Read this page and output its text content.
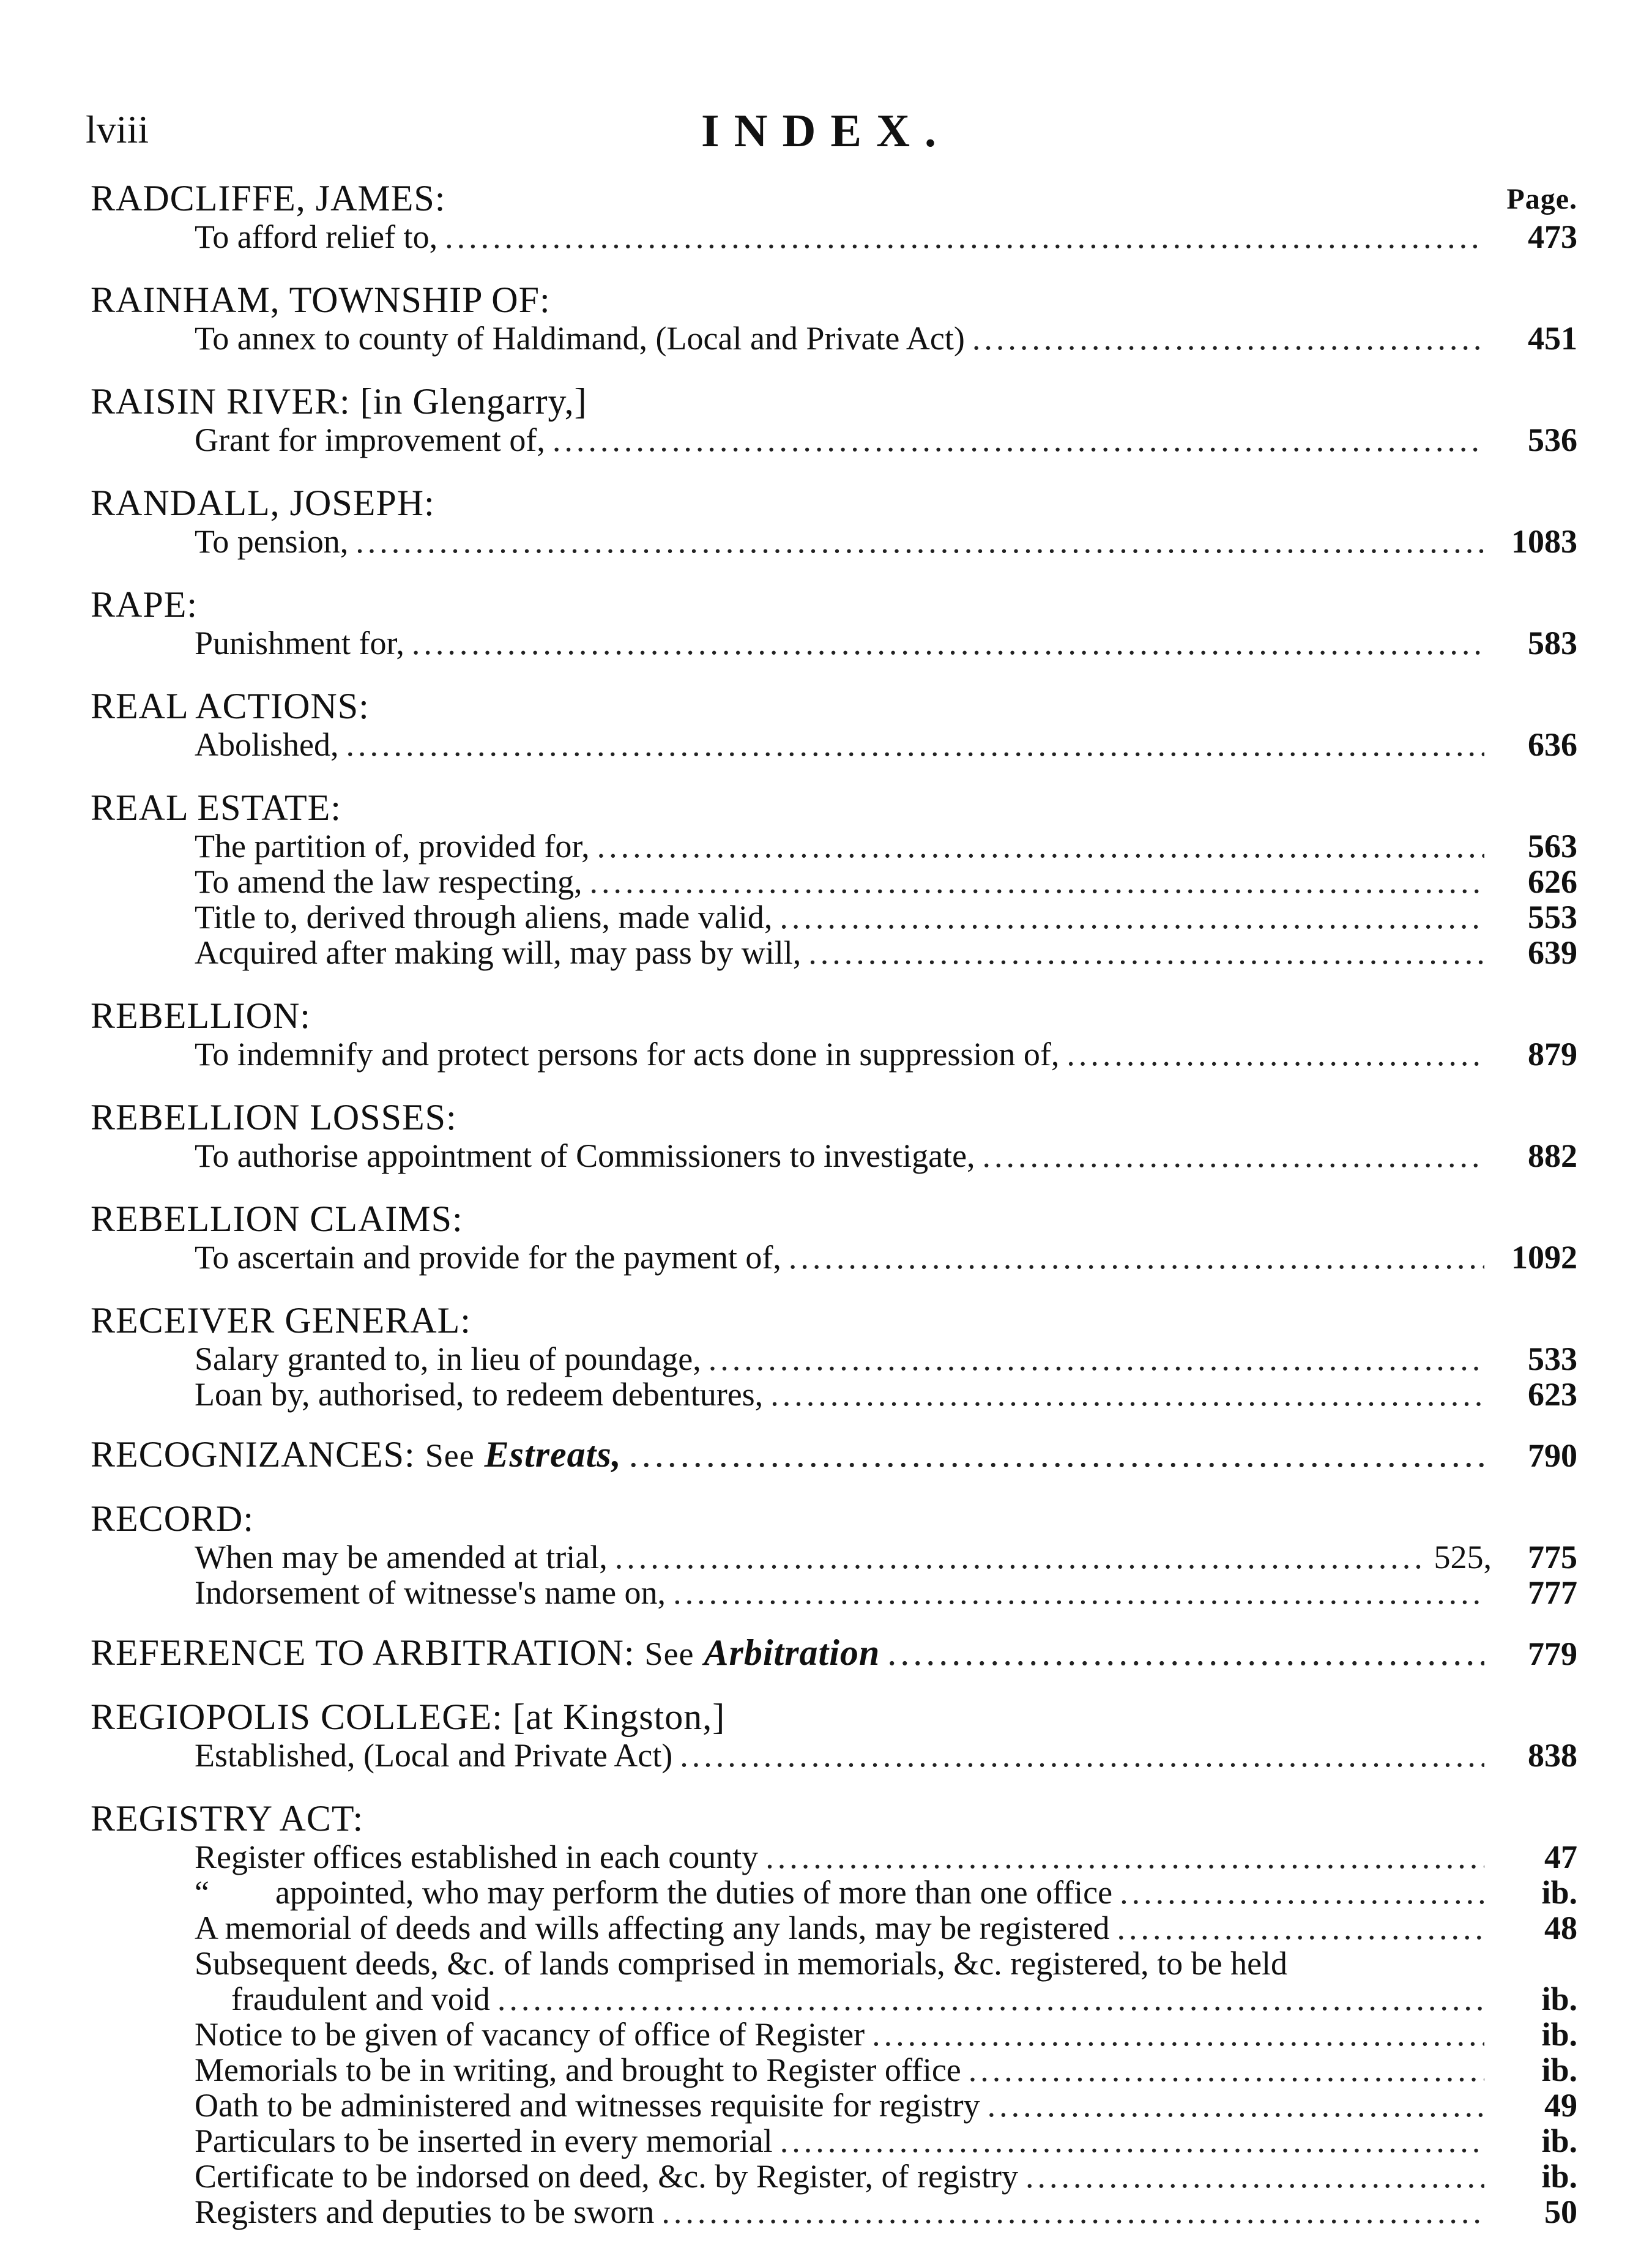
lviii	INDEX.
Page.
RADCLIFFE, JAMES:
To afford relief to, .....	473
RAINHAM, TOWNSHIP OF:
To annex to county of Haldimand, (Local and Private Act) .....	451
RAISIN RIVER: [in Glengarry,]
Grant for improvement of, .....	536
RANDALL, JOSEPH:
To pension, .....	1083
RAPE:
Punishment for, .....	583
REAL ACTIONS:
Abolished, .....	636
REAL ESTATE:
The partition of, provided for, .....	563
To amend the law respecting, .....	626
Title to, derived through aliens, made valid, .....	553
Acquired after making will, may pass by will, .....	639
REBELLION:
To indemnify and protect persons for acts done in suppression of, .....	879
REBELLION LOSSES:
To authorise appointment of Commissioners to investigate, .....	882
REBELLION CLAIMS:
To ascertain and provide for the payment of, .....	1092
RECEIVER GENERAL:
Salary granted to, in lieu of poundage, .....	533
Loan by, authorised, to redeem debentures, .....	623
RECOGNIZANCES: See Estreats, .....	790
RECORD:
When may be amended at trial, .....	525,	775
Indorsement of witnesse's name on, .....	777
REFERENCE TO ARBITRATION: See Arbitration .....	779
REGIOPOLIS COLLEGE: [at Kingston,]
Established, (Local and Private Act) .....	838
REGISTRY ACT:
Register offices established in each county .....	47
“        appointed, who may perform the duties of more than one office .....	ib.
A memorial of deeds and wills affecting any lands, may be registered .....	48
Subsequent deeds, &c. of lands comprised in memorials, &c. registered, to be held
fraudulent and void .....	ib.
Notice to be given of vacancy of office of Register .....	ib.
Memorials to be in writing, and brought to Register office .....	ib.
Oath to be administered and witnesses requisite for registry .....	49
Particulars to be inserted in every memorial .....	ib.
Certificate to be indorsed on deed, &c. by Register, of registry .....	ib.
Registers and deputies to be sworn .....	50
